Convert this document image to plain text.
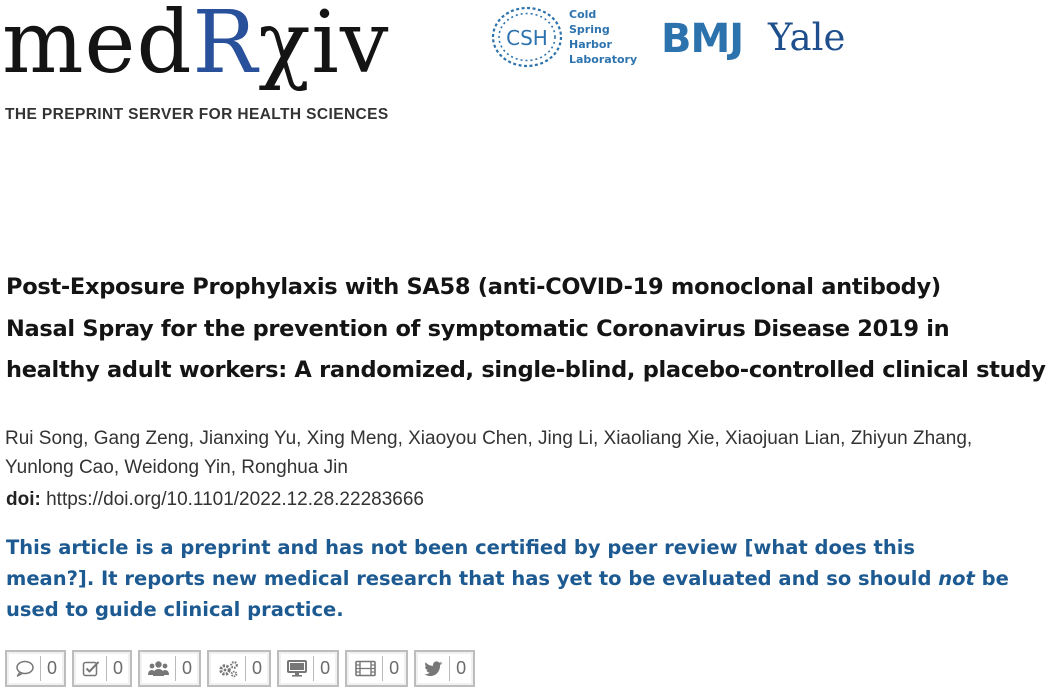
medRχiv
THE PREPRINT SERVER FOR HEALTH SCIENCES
CSH
Cold
Spring
Harbor
Laboratory BMJ Yale
Post-Exposure Prophylaxis with SA58 (anti-COVID-19 monoclonal antibody)
Nasal Spray for the prevention of symptomatic Coronavirus Disease 2019 in
healthy adult workers: A randomized, single-blind, placebo-controlled clinical study
Rui Song, Gang Zeng, Jianxing Yu, Xing Meng, Xiaoyou Chen, Jing Li, Xiaoliang Xie, Xiaojuan Lian, Zhiyun Zhang,
Yunlong Cao, Weidong Yin, Ronghua Jin
doi: https://doi.org/10.1101/2022.12.28.22283666
This article is a preprint and has not been certified by peer review [what does this
mean?]. It reports new medical research that has yet to be evaluated and so should not be
used to guide clinical practice.
0	0	0	0	0	0	0
